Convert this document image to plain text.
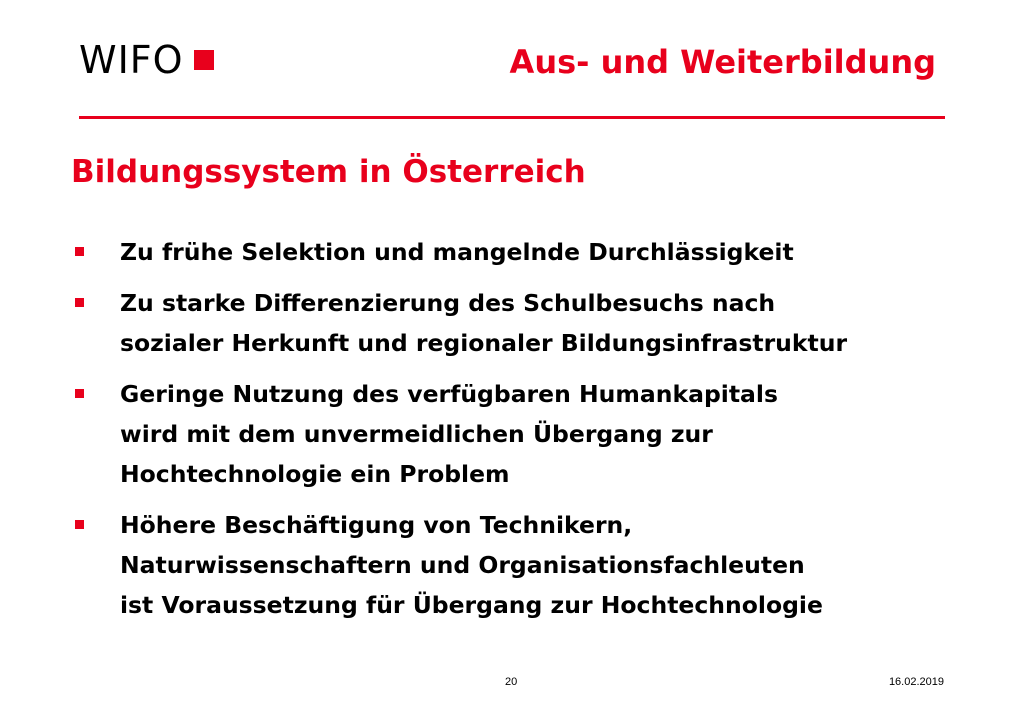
WIFO	Aus- und Weiterbildung
Bildungssystem in Österreich
Zu frühe Selektion und mangelnde Durchlässigkeit
Zu starke Differenzierung des Schulbesuchs nach
sozialer Herkunft und regionaler Bildungsinfrastruktur
Geringe Nutzung des verfügbaren Humankapitals
wird mit dem unvermeidlichen Übergang zur
Hochtechnologie ein Problem
Höhere Beschäftigung von Technikern,
Naturwissenschaftern und Organisationsfachleuten
ist Voraussetzung für Übergang zur Hochtechnologie
20	16.02.2019
